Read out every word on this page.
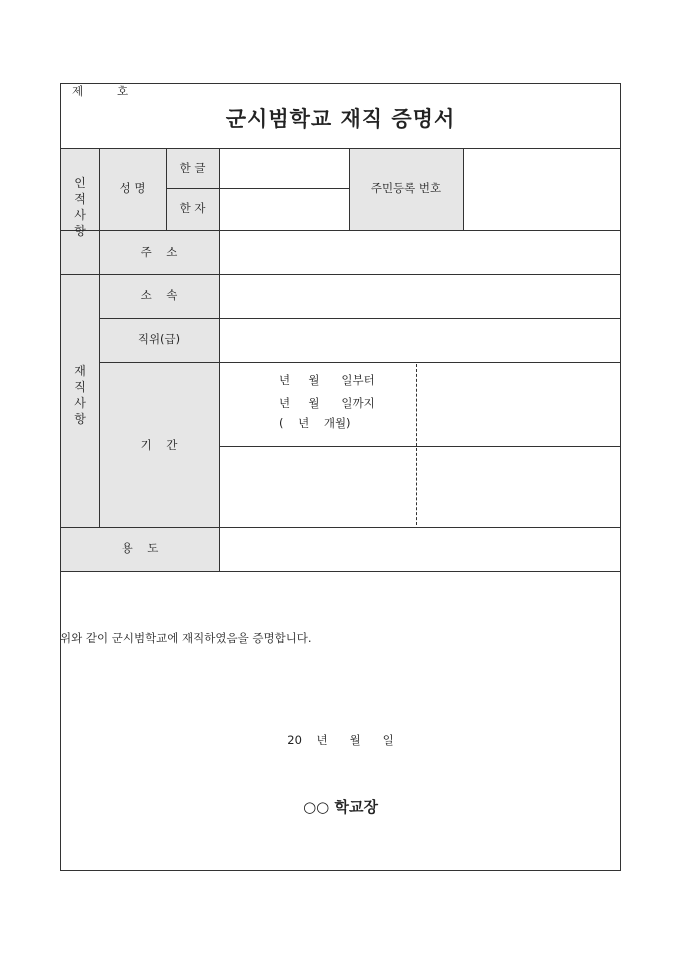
제	호
군시범학교 재직 증명서
인
적
사
항
성 명
한 글
한 자
주민등록 번호
주    소
재
직
사
항
소    속
직위(급)
기    간
년     월      일부터
년     월      일까지
(    년    개월)
용    도
위와 같이 군시범학교에 재직하였음을 증명합니다.
20    년      월      일
○○ 학교장
